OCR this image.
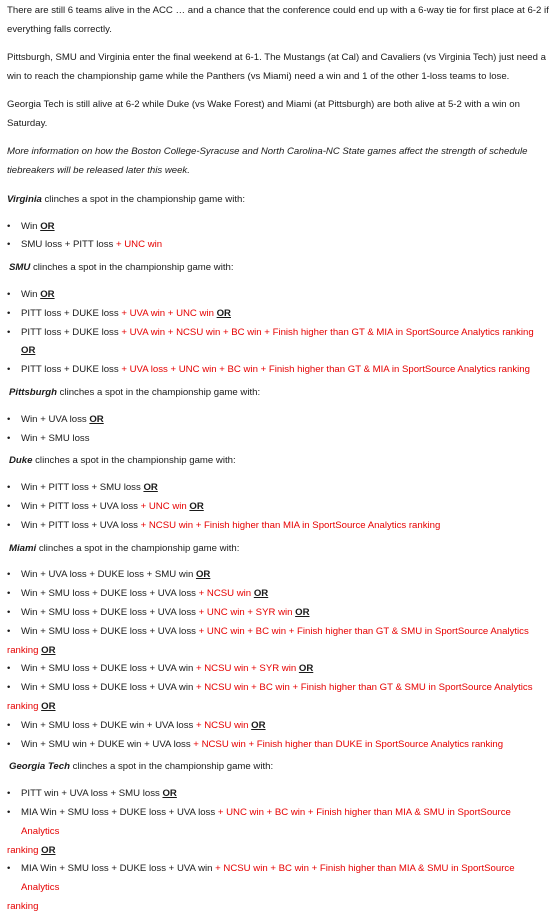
There are still 6 teams alive in the ACC … and a chance that the conference could end up with a 6-way tie for first place at 6-2 if everything falls correctly.

Pittsburgh, SMU and Virginia enter the final weekend at 6-1. The Mustangs (at Cal) and Cavaliers (vs Virginia Tech) just need a win to reach the championship game while the Panthers (vs Miami) need a win and 1 of the other 1-loss teams to lose.

Georgia Tech is still alive at 6-2 while Duke (vs Wake Forest) and Miami (at Pittsburgh) are both alive at 5-2 with a win on Saturday.

More information on how the Boston College-Syracuse and North Carolina-NC State games affect the strength of schedule tiebreakers will be released later this week.

Virginia clinches a spot in the championship game with:

• Win OR
• SMU loss + PITT loss + UNC win

SMU clinches a spot in the championship game with:

• Win OR
• PITT loss + DUKE loss + UVA win + UNC win OR
• PITT loss + DUKE loss + UVA win + NCSU win + BC win + Finish higher than GT & MIA in SportSource Analytics ranking OR
• PITT loss + DUKE loss + UVA loss + UNC win + BC win + Finish higher than GT & MIA in SportSource Analytics ranking

Pittsburgh clinches a spot in the championship game with:

• Win + UVA loss OR
• Win + SMU loss

Duke clinches a spot in the championship game with:

• Win + PITT loss + SMU loss OR
• Win + PITT loss + UVA loss + UNC win OR
• Win + PITT loss + UVA loss + NCSU win + Finish higher than MIA in SportSource Analytics ranking

Miami clinches a spot in the championship game with:

• Win + UVA loss + DUKE loss + SMU win OR
• Win + SMU loss + DUKE loss + UVA loss + NCSU win OR
• Win + SMU loss + DUKE loss + UVA loss + UNC win + SYR win OR
• Win + SMU loss + DUKE loss + UVA loss + UNC win + BC win + Finish higher than GT & SMU in SportSource Analytics
ranking OR
• Win + SMU loss + DUKE loss + UVA win + NCSU win + SYR win OR
• Win + SMU loss + DUKE loss + UVA win + NCSU win + BC win + Finish higher than GT & SMU in SportSource Analytics
ranking OR
• Win + SMU loss + DUKE win + UVA loss + NCSU win OR
• Win + SMU win + DUKE win + UVA loss + NCSU win + Finish higher than DUKE in SportSource Analytics ranking

Georgia Tech clinches a spot in the championship game with:

• PITT win + UVA loss + SMU loss OR
• MIA Win + SMU loss + DUKE loss + UVA loss + UNC win + BC win + Finish higher than MIA & SMU in SportSource Analytics
ranking OR
• MIA Win + SMU loss + DUKE loss + UVA win + NCSU win + BC win + Finish higher than MIA & SMU in SportSource Analytics
ranking
